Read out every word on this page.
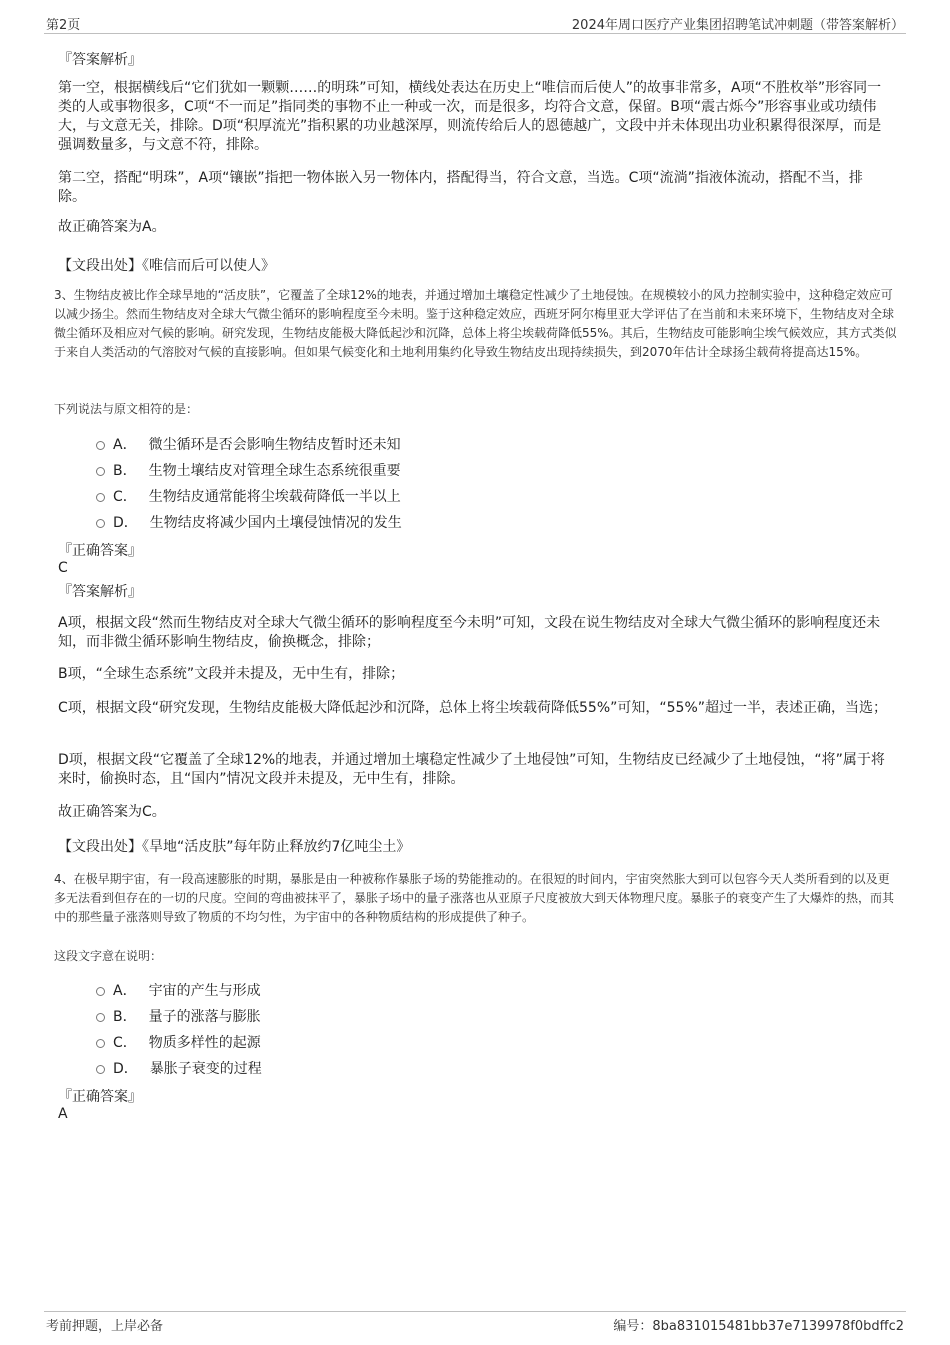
第2页	2024年周口医疗产业集团招聘笔试冲刺题（带答案解析）
『答案解析』
第一空，根据横线后“它们犹如一颗颗……的明珠”可知，横线处表达在历史上“唯信而后使人”的故事非常多，A项“不胜枚举”形容同一类的人或事物很多，C项“不一而足”指同类的事物不止一种或一次，而是很多，均符合文意，保留。B项“震古烁今”形容事业或功绩伟大，与文意无关，排除。D项“积厚流光”指积累的功业越深厚，则流传给后人的恩德越广，文段中并未体现出功业积累得很深厚，而是强调数量多，与文意不符，排除。
第二空，搭配“明珠”，A项“镶嵌”指把一物体嵌入另一物体内，搭配得当，符合文意，当选。C项“流淌”指液体流动，搭配不当，排除。
故正确答案为A。
【文段出处】《唯信而后可以使人》
3、生物结皮被比作全球旱地的“活皮肤”，它覆盖了全球12%的地表，并通过增加土壤稳定性减少了土地侵蚀。在规模较小的风力控制实验中，这种稳定效应可以减少扬尘。然而生物结皮对全球大气微尘循环的影响程度至今未明。鉴于这种稳定效应，西班牙阿尔梅里亚大学评估了在当前和未来环境下，生物结皮对全球微尘循环及相应对气候的影响。研究发现，生物结皮能极大降低起沙和沉降，总体上将尘埃载荷降低55%。其后，生物结皮可能影响尘埃气候效应，其方式类似于来自人类活动的气溶胶对气候的直接影响。但如果气候变化和土地利用集约化导致生物结皮出现持续损失，到2070年估计全球扬尘载荷将提高达15%。
下列说法与原文相符的是：
A． 微尘循环是否会影响生物结皮暂时还未知
B． 生物土壤结皮对管理全球生态系统很重要
C． 生物结皮通常能将尘埃载荷降低一半以上
D． 生物结皮将减少国内土壤侵蚀情况的发生
『正确答案』
C
『答案解析』
A项，根据文段“然而生物结皮对全球大气微尘循环的影响程度至今未明”可知，文段在说生物结皮对全球大气微尘循环的影响程度还未知，而非微尘循环影响生物结皮，偷换概念，排除；
B项，“全球生态系统”文段并未提及，无中生有，排除；
C项，根据文段“研究发现，生物结皮能极大降低起沙和沉降，总体上将尘埃载荷降低55%”可知，“55%”超过一半，表述正确，当选；
D项，根据文段“它覆盖了全球12%的地表，并通过增加土壤稳定性减少了土地侵蚀”可知，生物结皮已经减少了土地侵蚀，“将”属于将来时，偷换时态，且“国内”情况文段并未提及，无中生有，排除。
故正确答案为C。
【文段出处】《旱地“活皮肤”每年防止释放约7亿吨尘土》
4、在极早期宇宙，有一段高速膨胀的时期，暴胀是由一种被称作暴胀子场的势能推动的。在很短的时间内，宇宙突然胀大到可以包容今天人类所看到的以及更多无法看到但存在的一切的尺度。空间的弯曲被抹平了，暴胀子场中的量子涨落也从亚原子尺度被放大到天体物理尺度。暴胀子的衰变产生了大爆炸的热，而其中的那些量子涨落则导致了物质的不均匀性，为宇宙中的各种物质结构的形成提供了种子。
这段文字意在说明：
A． 宇宙的产生与形成
B． 量子的涨落与膨胀
C． 物质多样性的起源
D． 暴胀子衰变的过程
『正确答案』
A
考前押题，上岸必备	编号：8ba831015481bb37e7139978f0bdffc2
